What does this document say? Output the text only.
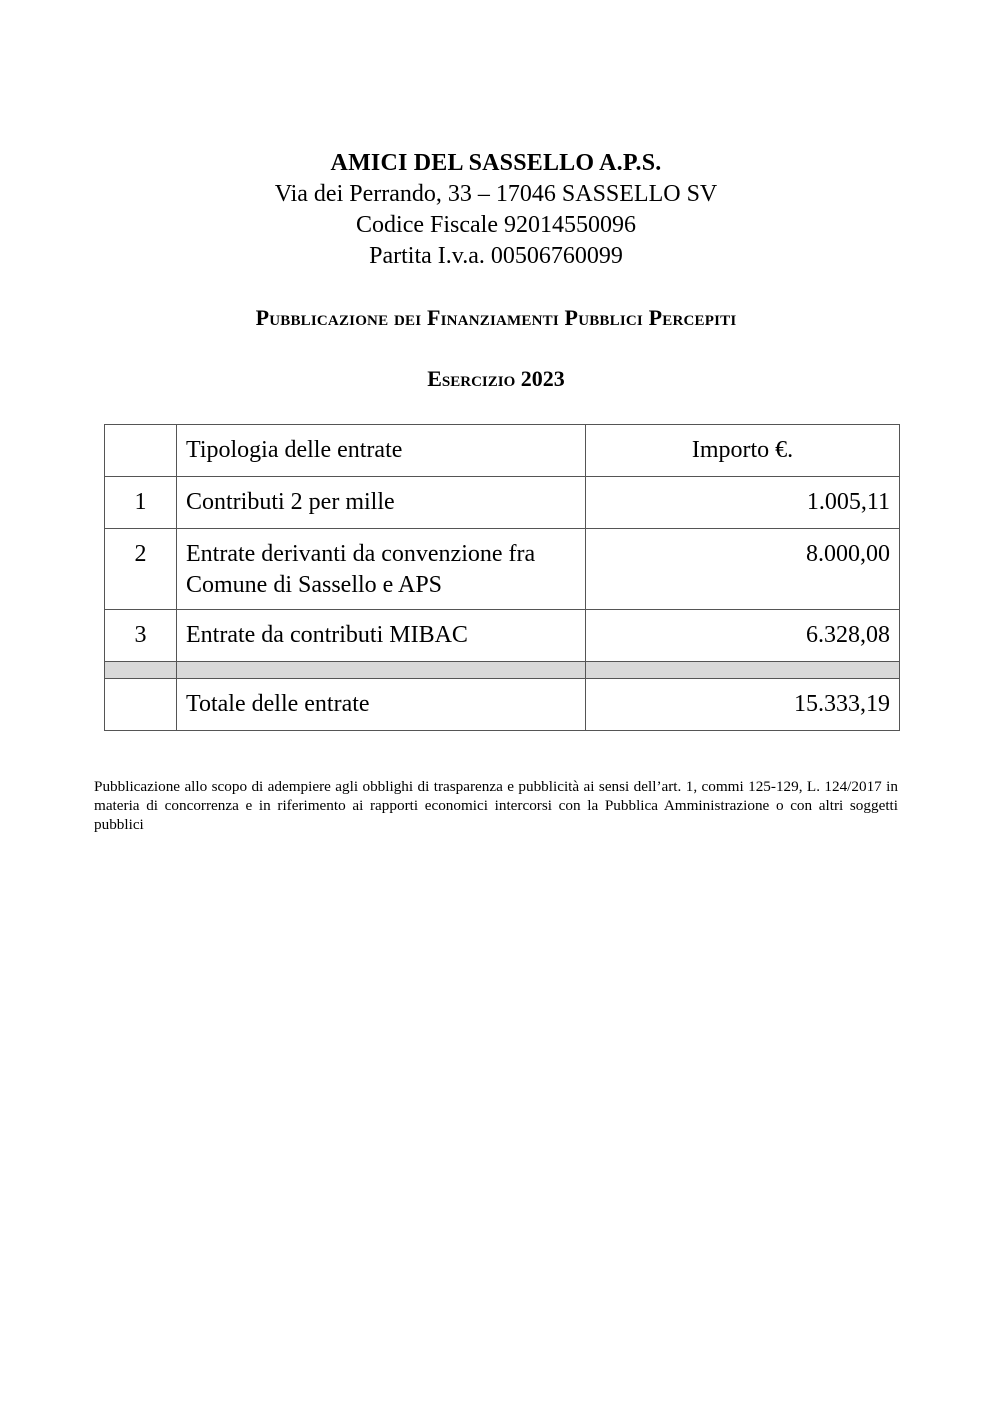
AMICI DEL SASSELLO A.P.S.
Via dei Perrando, 33 – 17046 SASSELLO SV
Codice Fiscale 92014550096
Partita I.v.a. 00506760099
Pubblicazione dei Finanziamenti Pubblici Percepiti
Esercizio 2023
	Tipologia delle entrate	Importo €.
1	Contributi 2 per mille	1.005,11
2	Entrate derivanti da convenzione fra Comune di Sassello e APS	8.000,00
3	Entrate da contributi MIBAC	6.328,08

	Totale delle entrate	15.333,19
Pubblicazione allo scopo di adempiere agli obblighi di trasparenza e pubblicità ai sensi dell’art. 1, commi 125-129, L. 124/2017 in materia di concorrenza e in riferimento ai rapporti economici intercorsi con la Pubblica Amministrazione o con altri soggetti pubblici
